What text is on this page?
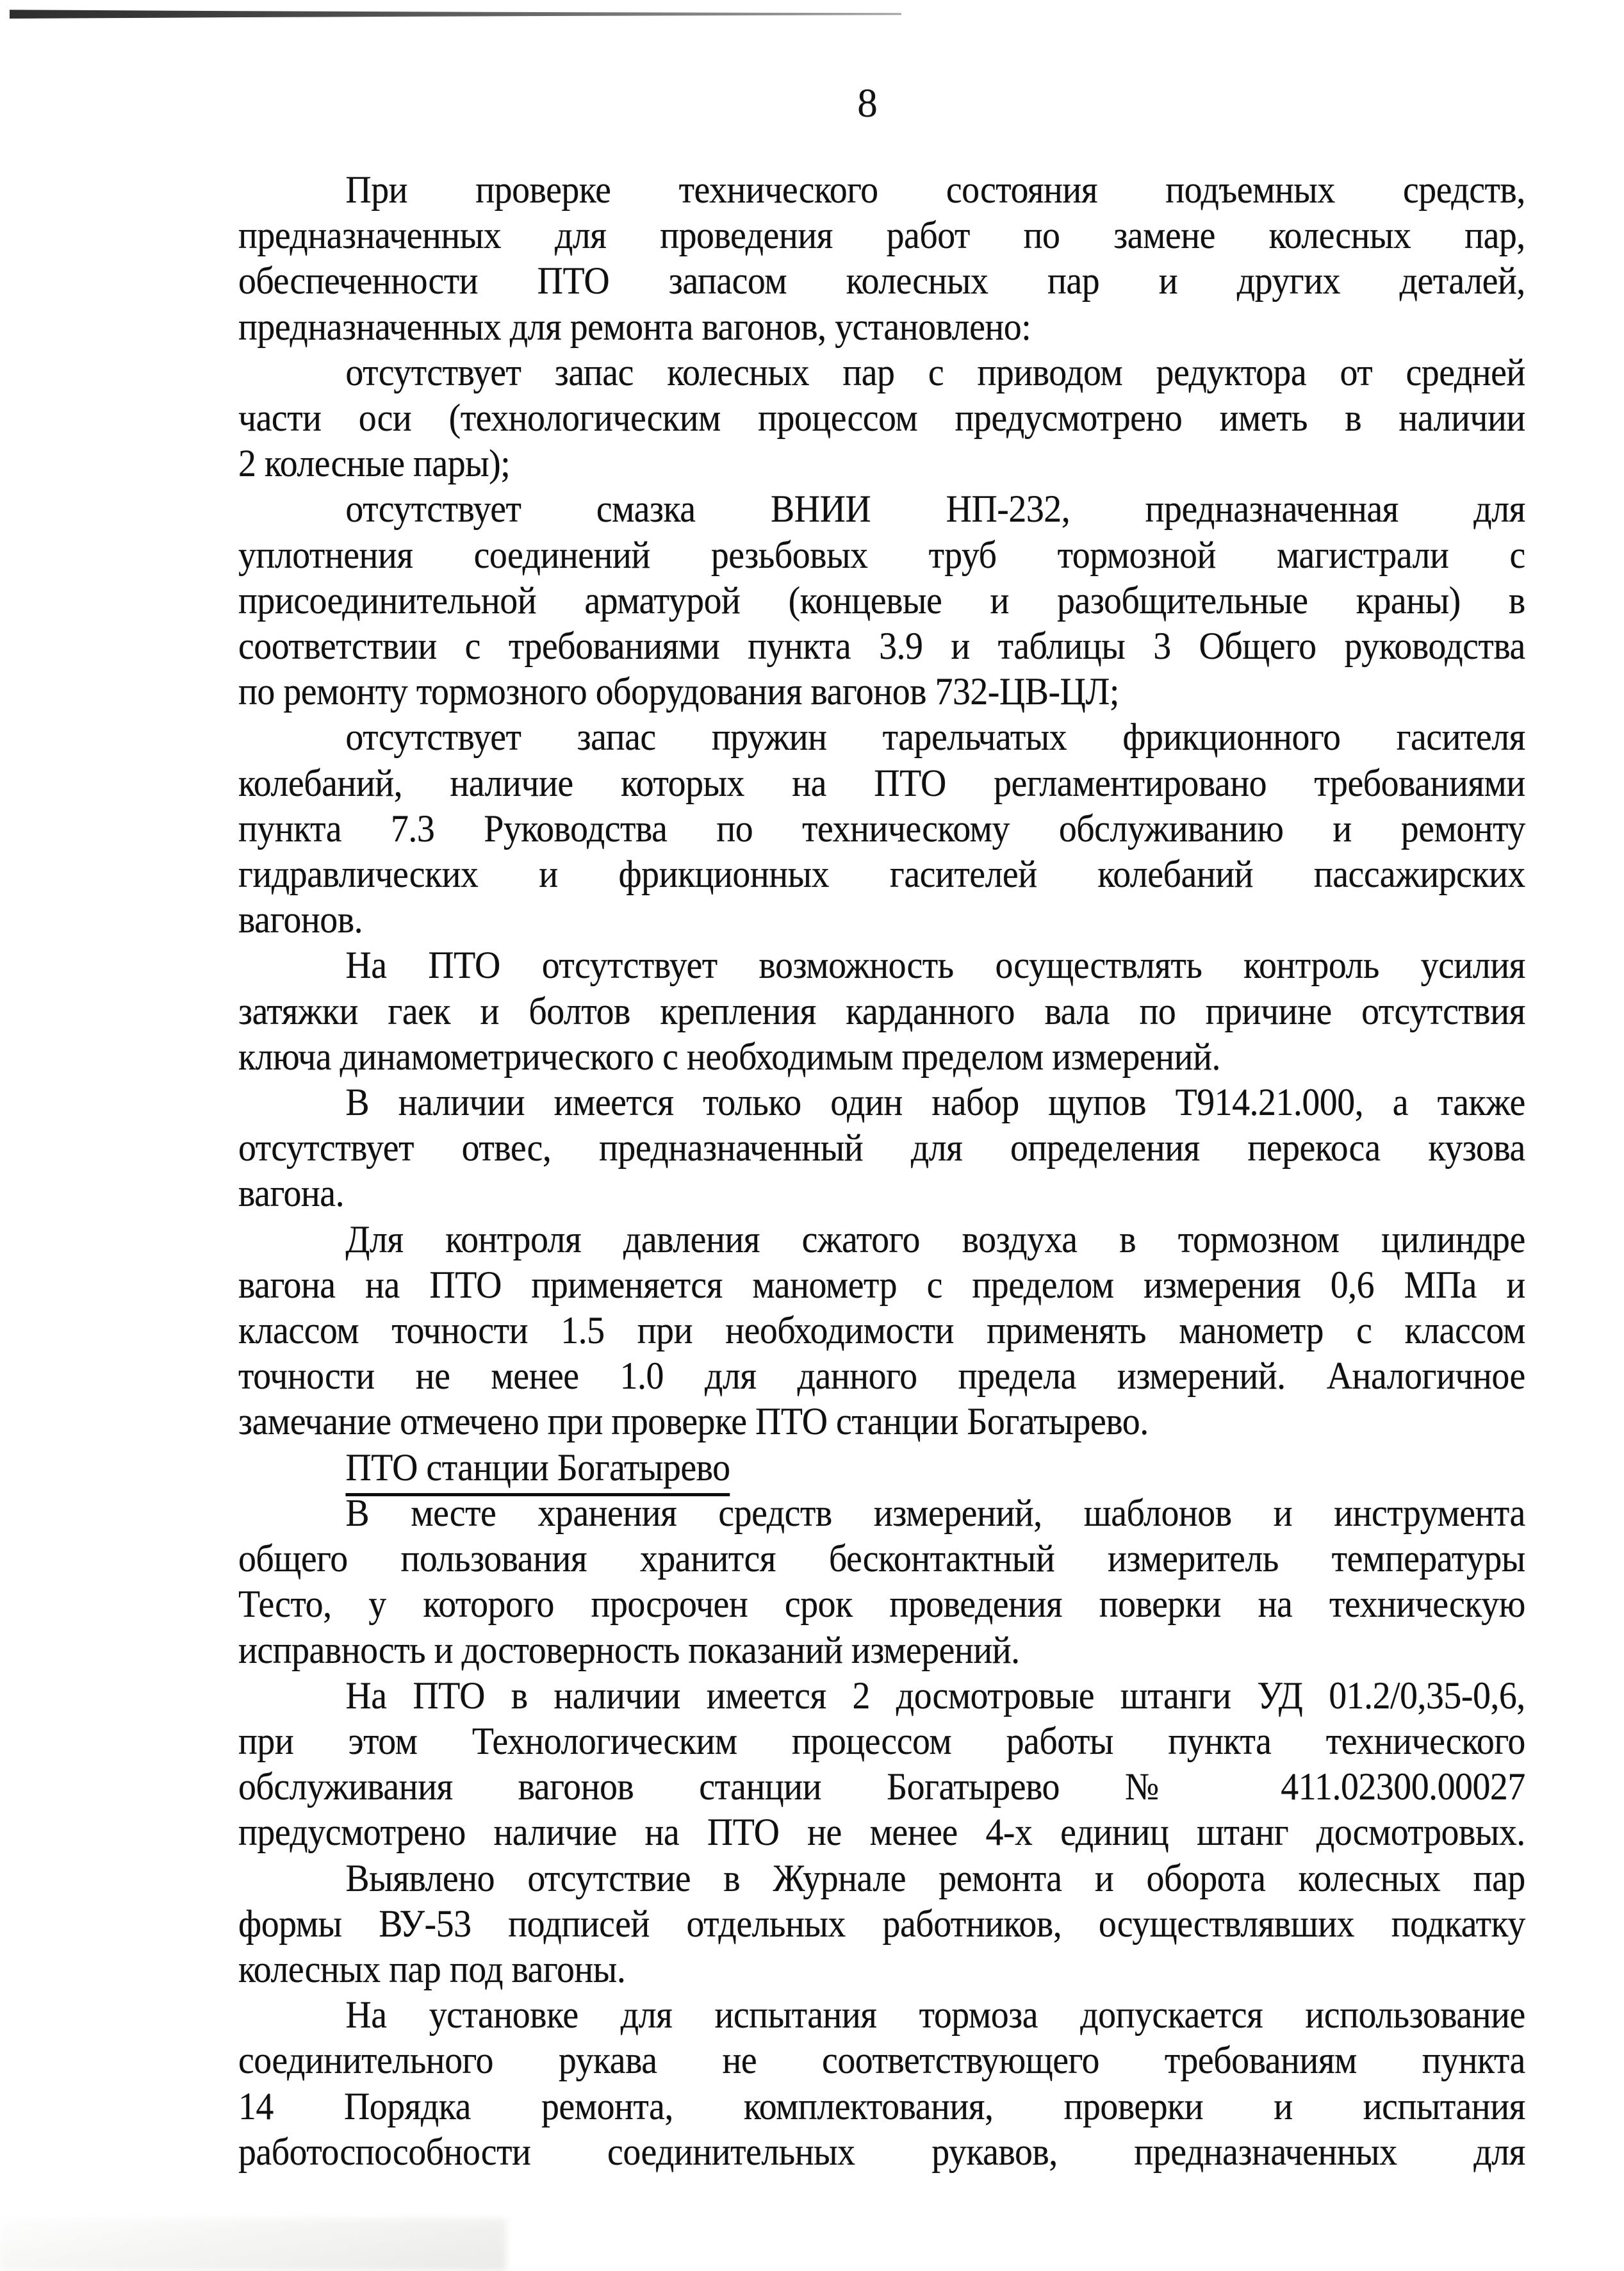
8
При проверке технического состояния подъемных средств,
предназначенных для проведения работ по замене колесных пар,
обеспеченности ПТО запасом колесных пар и других деталей,
предназначенных для ремонта вагонов, установлено:
отсутствует запас колесных пар с приводом редуктора от средней
части оси (технологическим процессом предусмотрено иметь в наличии
2 колесные пары);
отсутствует смазка ВНИИ НП-232, предназначенная для
уплотнения соединений резьбовых труб тормозной магистрали с
присоединительной арматурой (концевые и разобщительные краны) в
соответствии с требованиями пункта 3.9 и таблицы 3 Общего руководства
по ремонту тормозного оборудования вагонов 732-ЦВ-ЦЛ;
отсутствует запас пружин тарельчатых фрикционного гасителя
колебаний, наличие которых на ПТО регламентировано требованиями
пункта 7.3 Руководства по техническому обслуживанию и ремонту
гидравлических и фрикционных гасителей колебаний пассажирских
вагонов.
На ПТО отсутствует возможность осуществлять контроль усилия
затяжки гаек и болтов крепления карданного вала по причине отсутствия
ключа динамометрического с необходимым пределом измерений.
В наличии имеется только один набор щупов Т914.21.000, а также
отсутствует отвес, предназначенный для определения перекоса кузова
вагона.
Для контроля давления сжатого воздуха в тормозном цилиндре
вагона на ПТО применяется манометр с пределом измерения 0,6 МПа и
классом точности 1.5 при необходимости применять манометр с классом
точности не менее 1.0 для данного предела измерений. Аналогичное
замечание отмечено при проверке ПТО станции Богатырево.
ПТО станции Богатырево
В месте хранения средств измерений, шаблонов и инструмента
общего пользования хранится бесконтактный измеритель температуры
Тесто, у которого просрочен срок проведения поверки на техническую
исправность и достоверность показаний измерений.
На ПТО в наличии имеется 2 досмотровые штанги УД 01.2/0,35-0,6,
при этом Технологическим процессом работы пункта технического
обслуживания вагонов станции Богатырево № 411.02300.00027
предусмотрено наличие на ПТО не менее 4-х единиц штанг досмотровых.
Выявлено отсутствие в Журнале ремонта и оборота колесных пар
формы ВУ-53 подписей отдельных работников, осуществлявших подкатку
колесных пар под вагоны.
На установке для испытания тормоза допускается использование
соединительного рукава не соответствующего требованиям пункта
14 Порядка ремонта, комплектования, проверки и испытания
работоспособности соединительных рукавов, предназначенных для
